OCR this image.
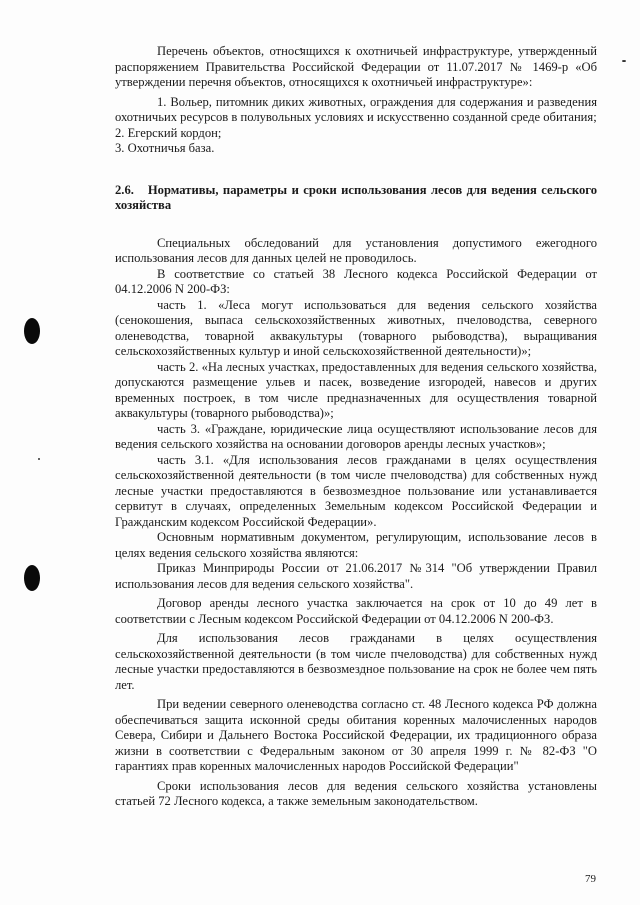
Перечень объектов, относящихся к охотничьей инфраструктуре, утвержденный распоряжением Правительства Российской Федерации от 11.07.2017 № 1469-р «Об утверждении перечня объектов, относящихся к охотничьей инфраструктуре»:

1. Вольер, питомник диких животных, ограждения для содержания и разведения охотничьих ресурсов в полувольных условиях и искусственно созданной среде обитания;

2. Егерский кордон;

3. Охотничья база.

2.6. Нормативы, параметры и сроки использования лесов для ведения сельского хозяйства

Специальных обследований для установления допустимого ежегодного использования лесов для данных целей не проводилось.

В соответствие со статьей 38 Лесного кодекса Российской Федерации от 04.12.2006 N 200-ФЗ:

часть 1. «Леса могут использоваться для ведения сельского хозяйства (сенокошения, выпаса сельскохозяйственных животных, пчеловодства, северного оленеводства, товарной аквакультуры (товарного рыбоводства), выращивания сельскохозяйственных культур и иной сельскохозяйственной деятельности)»;

часть 2. «На лесных участках, предоставленных для ведения сельского хозяйства, допускаются размещение ульев и пасек, возведение изгородей, навесов и других временных построек, в том числе предназначенных для осуществления товарной аквакультуры (товарного рыбоводства)»;

часть 3. «Граждане, юридические лица осуществляют использование лесов для ведения сельского хозяйства на основании договоров аренды лесных участков»;

часть 3.1. «Для использования лесов гражданами в целях осуществления сельскохозяйственной деятельности (в том числе пчеловодства) для собственных нужд лесные участки предоставляются в безвозмездное пользование или устанавливается сервитут в случаях, определенных Земельным кодексом Российской Федерации и Гражданским кодексом Российской Федерации».

Основным нормативным документом, регулирующим, использование лесов в целях ведения сельского хозяйства являются:

Приказ Минприроды России от 21.06.2017 №314 "Об утверждении Правил использования лесов для ведения сельского хозяйства".

Договор аренды лесного участка заключается на срок от 10 до 49 лет в соответствии с Лесным кодексом Российской Федерации от 04.12.2006 N 200-ФЗ.

Для использования лесов гражданами в целях осуществления сельскохозяйственной деятельности (в том числе пчеловодства) для собственных нужд лесные участки предоставляются в безвозмездное пользование на срок не более чем пять лет.

При ведении северного оленеводства согласно ст. 48 Лесного кодекса РФ должна обеспечиваться защита исконной среды обитания коренных малочисленных народов Севера, Сибири и Дальнего Востока Российской Федерации, их традиционного образа жизни в соответствии с Федеральным законом от 30 апреля 1999 г. № 82-ФЗ "О гарантиях прав коренных малочисленных народов Российской Федерации"

Сроки использования лесов для ведения сельского хозяйства установлены статьей 72 Лесного кодекса, а также земельным законодательством.

79
